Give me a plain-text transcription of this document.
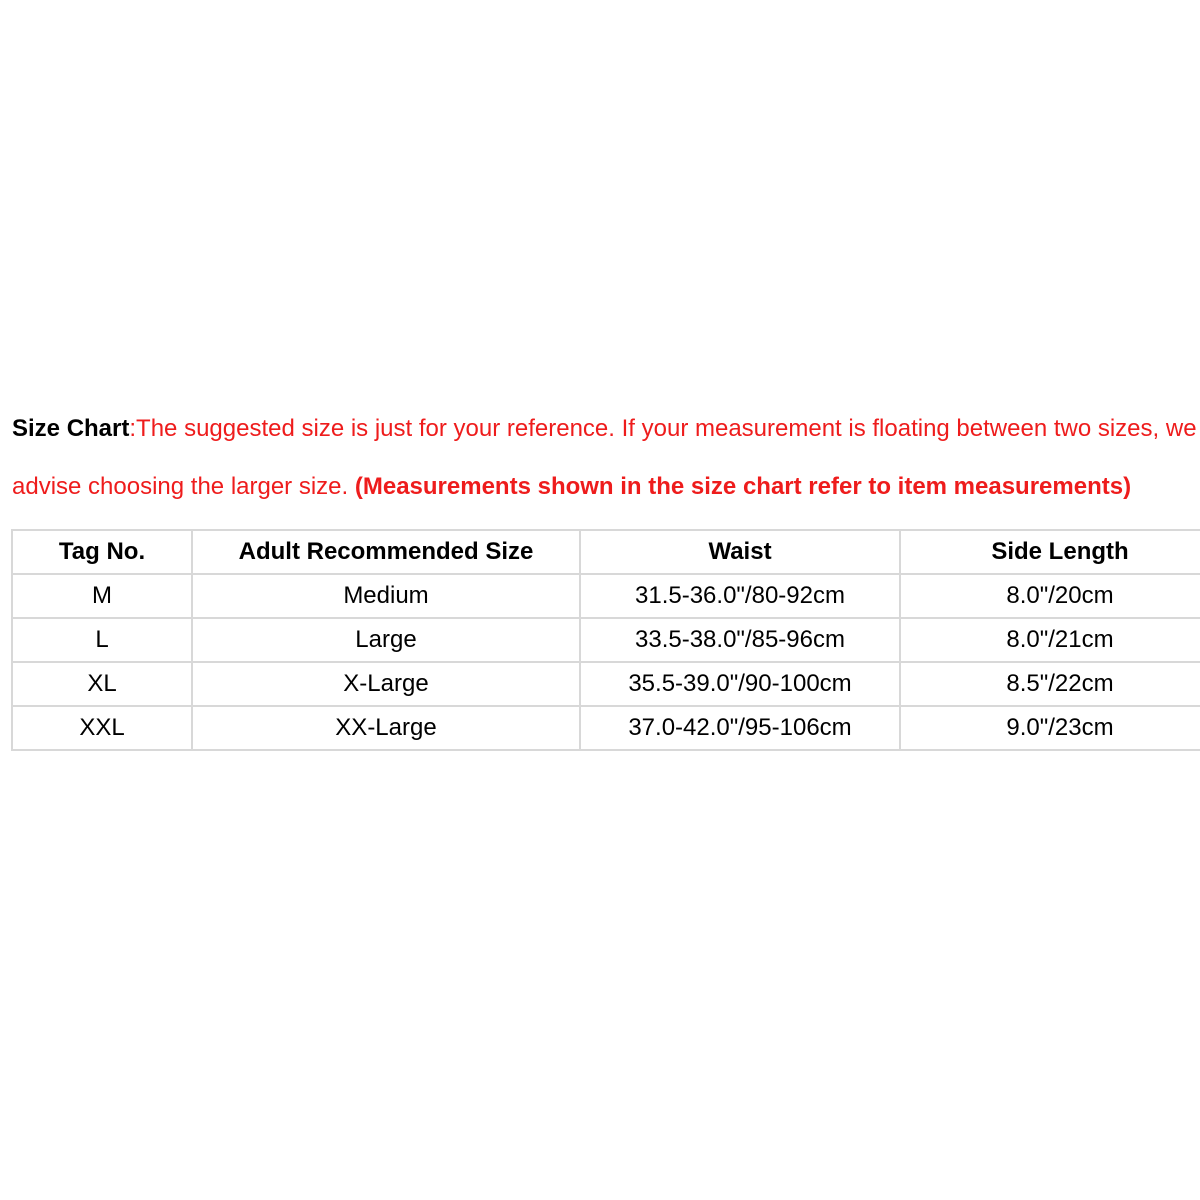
Size Chart:The suggested size is just for your reference. If your measurement is floating between two sizes, we
advise choosing the larger size. (Measurements shown in the size chart refer to item measurements)
Tag No.	Adult Recommended Size	Waist	Side Length
M	Medium	31.5-36.0"/80-92cm	8.0"/20cm
L	Large	33.5-38.0"/85-96cm	8.0"/21cm
XL	X-Large	35.5-39.0"/90-100cm	8.5"/22cm
XXL	XX-Large	37.0-42.0"/95-106cm	9.0"/23cm
